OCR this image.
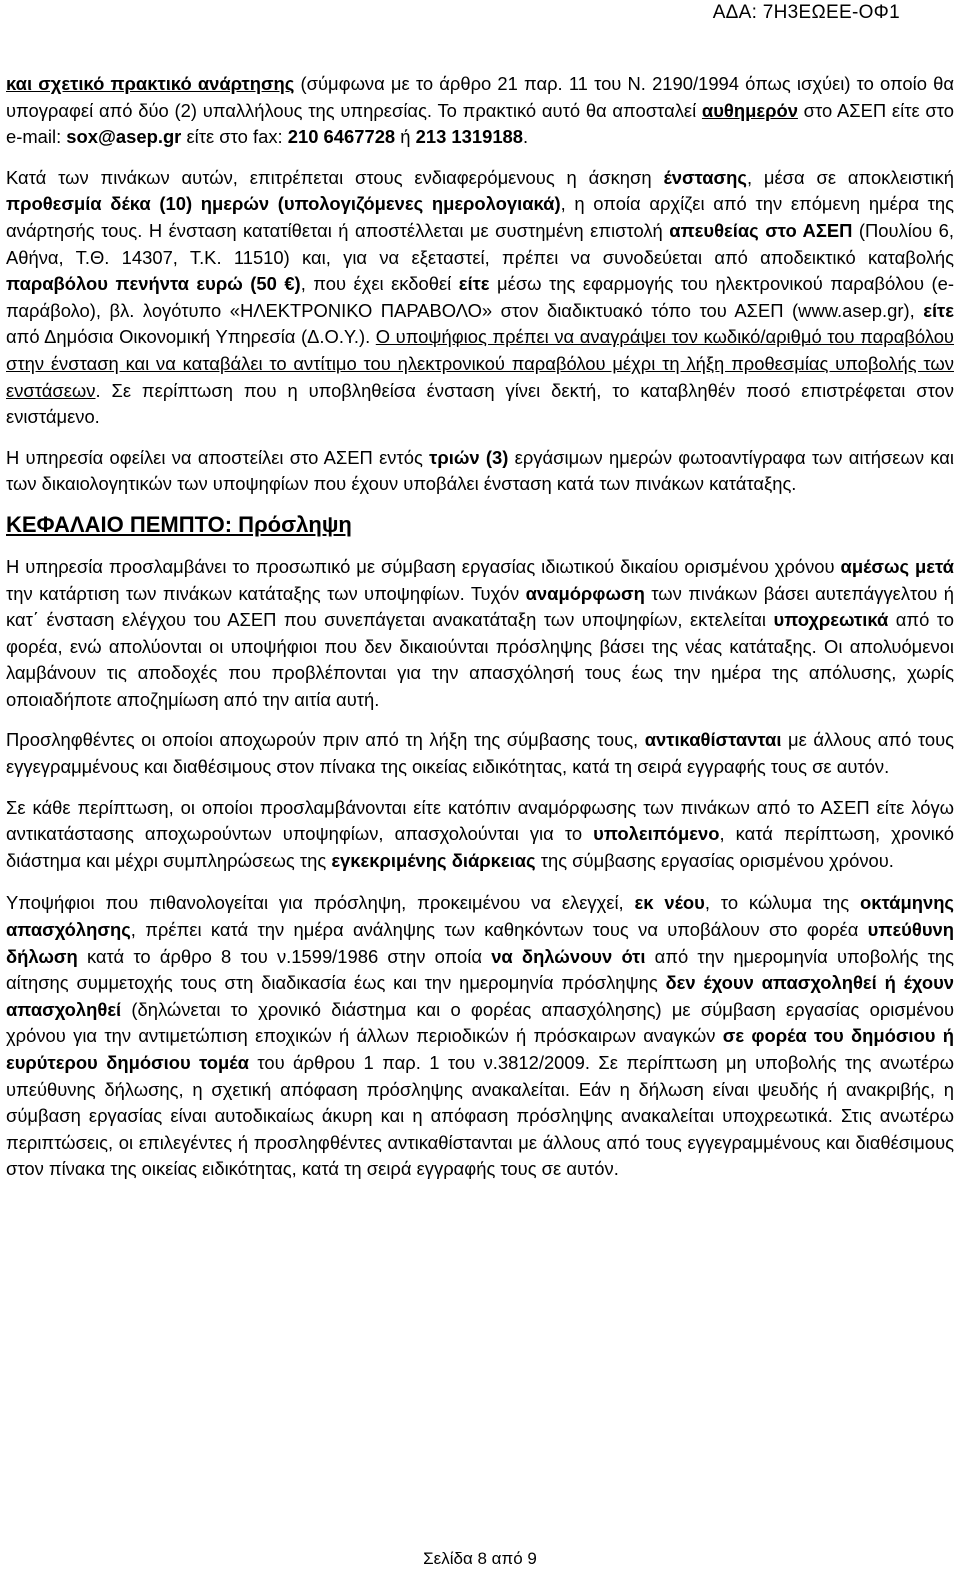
ΑΔΑ: 7Η3ΕΩΕΕ-ΟΦ1

και σχετικό πρακτικό ανάρτησης (σύμφωνα με το άρθρο 21 παρ. 11 του Ν. 2190/1994 όπως ισχύει) το οποίο θα υπογραφεί από δύο (2) υπαλλήλους της υπηρεσίας. Το πρακτικό αυτό θα αποσταλεί αυθημερόν στο ΑΣΕΠ είτε στο e-mail: sox@asep.gr είτε στο fax: 210 6467728 ή 213 1319188.

Κατά των πινάκων αυτών, επιτρέπεται στους ενδιαφερόμενους η άσκηση ένστασης, μέσα σε αποκλειστική προθεσμία δέκα (10) ημερών (υπολογιζόμενες ημερολογιακά), η οποία αρχίζει από την επόμενη ημέρα της ανάρτησής τους. Η ένσταση κατατίθεται ή αποστέλλεται με συστημένη επιστολή απευθείας στο ΑΣΕΠ (Πουλίου 6, Αθήνα, Τ.Θ. 14307, Τ.Κ. 11510) και, για να εξεταστεί, πρέπει να συνοδεύεται από αποδεικτικό καταβολής παραβόλου πενήντα ευρώ (50 €), που έχει εκδοθεί είτε μέσω της εφαρμογής του ηλεκτρονικού παραβόλου (e-παράβολο), βλ. λογότυπο «ΗΛΕΚΤΡΟΝΙΚΟ ΠΑΡΑΒΟΛΟ» στον διαδικτυακό τόπο του ΑΣΕΠ (www.asep.gr), είτε από Δημόσια Οικονομική Υπηρεσία (Δ.Ο.Υ.). Ο υποψήφιος πρέπει να αναγράψει τον κωδικό/αριθμό του παραβόλου στην ένσταση και να καταβάλει το αντίτιμο του ηλεκτρονικού παραβόλου μέχρι τη λήξη προθεσμίας υποβολής των ενστάσεων. Σε περίπτωση που η υποβληθείσα ένσταση γίνει δεκτή, το καταβληθέν ποσό επιστρέφεται στον ενιστάμενο.

Η υπηρεσία οφείλει να αποστείλει στο ΑΣΕΠ εντός τριών (3) εργάσιμων ημερών φωτοαντίγραφα των αιτήσεων και των δικαιολογητικών των υποψηφίων που έχουν υποβάλει ένσταση κατά των πινάκων κατάταξης.

ΚΕΦΑΛΑΙΟ ΠΕΜΠΤΟ: Πρόσληψη

Η υπηρεσία προσλαμβάνει το προσωπικό με σύμβαση εργασίας ιδιωτικού δικαίου ορισμένου χρόνου αμέσως μετά την κατάρτιση των πινάκων κατάταξης των υποψηφίων. Τυχόν αναμόρφωση των πινάκων βάσει αυτεπάγγελτου ή κατ΄ ένσταση ελέγχου του ΑΣΕΠ που συνεπάγεται ανακατάταξη των υποψηφίων, εκτελείται υποχρεωτικά από το φορέα, ενώ απολύονται οι υποψήφιοι που δεν δικαιούνται πρόσληψης βάσει της νέας κατάταξης. Οι απολυόμενοι λαμβάνουν τις αποδοχές που προβλέπονται για την απασχόλησή τους έως την ημέρα της απόλυσης, χωρίς οποιαδήποτε αποζημίωση από την αιτία αυτή.

Προσληφθέντες οι οποίοι αποχωρούν πριν από τη λήξη της σύμβασης τους, αντικαθίστανται με άλλους από τους εγγεγραμμένους και διαθέσιμους στον πίνακα της οικείας ειδικότητας, κατά τη σειρά εγγραφής τους σε αυτόν.

Σε κάθε περίπτωση, οι οποίοι προσλαμβάνονται είτε κατόπιν αναμόρφωσης των πινάκων από το ΑΣΕΠ είτε λόγω αντικατάστασης αποχωρούντων υποψηφίων, απασχολούνται για το υπολειπόμενο, κατά περίπτωση, χρονικό διάστημα και μέχρι συμπληρώσεως της εγκεκριμένης διάρκειας της σύμβασης εργασίας ορισμένου χρόνου.

Υποψήφιοι που πιθανολογείται για πρόσληψη, προκειμένου να ελεγχεί, εκ νέου, το κώλυμα της οκτάμηνης απασχόλησης, πρέπει κατά την ημέρα ανάληψης των καθηκόντων τους να υποβάλουν στο φορέα υπεύθυνη δήλωση κατά το άρθρο 8 του ν.1599/1986 στην οποία να δηλώνουν ότι από την ημερομηνία υποβολής της αίτησης συμμετοχής τους στη διαδικασία έως και την ημερομηνία πρόσληψης δεν έχουν απασχοληθεί ή έχουν απασχοληθεί (δηλώνεται το χρονικό διάστημα και ο φορέας απασχόλησης) με σύμβαση εργασίας ορισμένου χρόνου για την αντιμετώπιση εποχικών ή άλλων περιοδικών ή πρόσκαιρων αναγκών σε φορέα του δημόσιου ή ευρύτερου δημόσιου τομέα του άρθρου 1 παρ. 1 του ν.3812/2009. Σε περίπτωση μη υποβολής της ανωτέρω υπεύθυνης δήλωσης, η σχετική απόφαση πρόσληψης ανακαλείται. Εάν η δήλωση είναι ψευδής ή ανακριβής, η σύμβαση εργασίας είναι αυτοδικαίως άκυρη και η απόφαση πρόσληψης ανακαλείται υποχρεωτικά. Στις ανωτέρω περιπτώσεις, οι επιλεγέντες ή προσληφθέντες αντικαθίστανται με άλλους από τους εγγεγραμμένους και διαθέσιμους στον πίνακα της οικείας ειδικότητας, κατά τη σειρά εγγραφής τους σε αυτόν.

Σελίδα 8 από 9
